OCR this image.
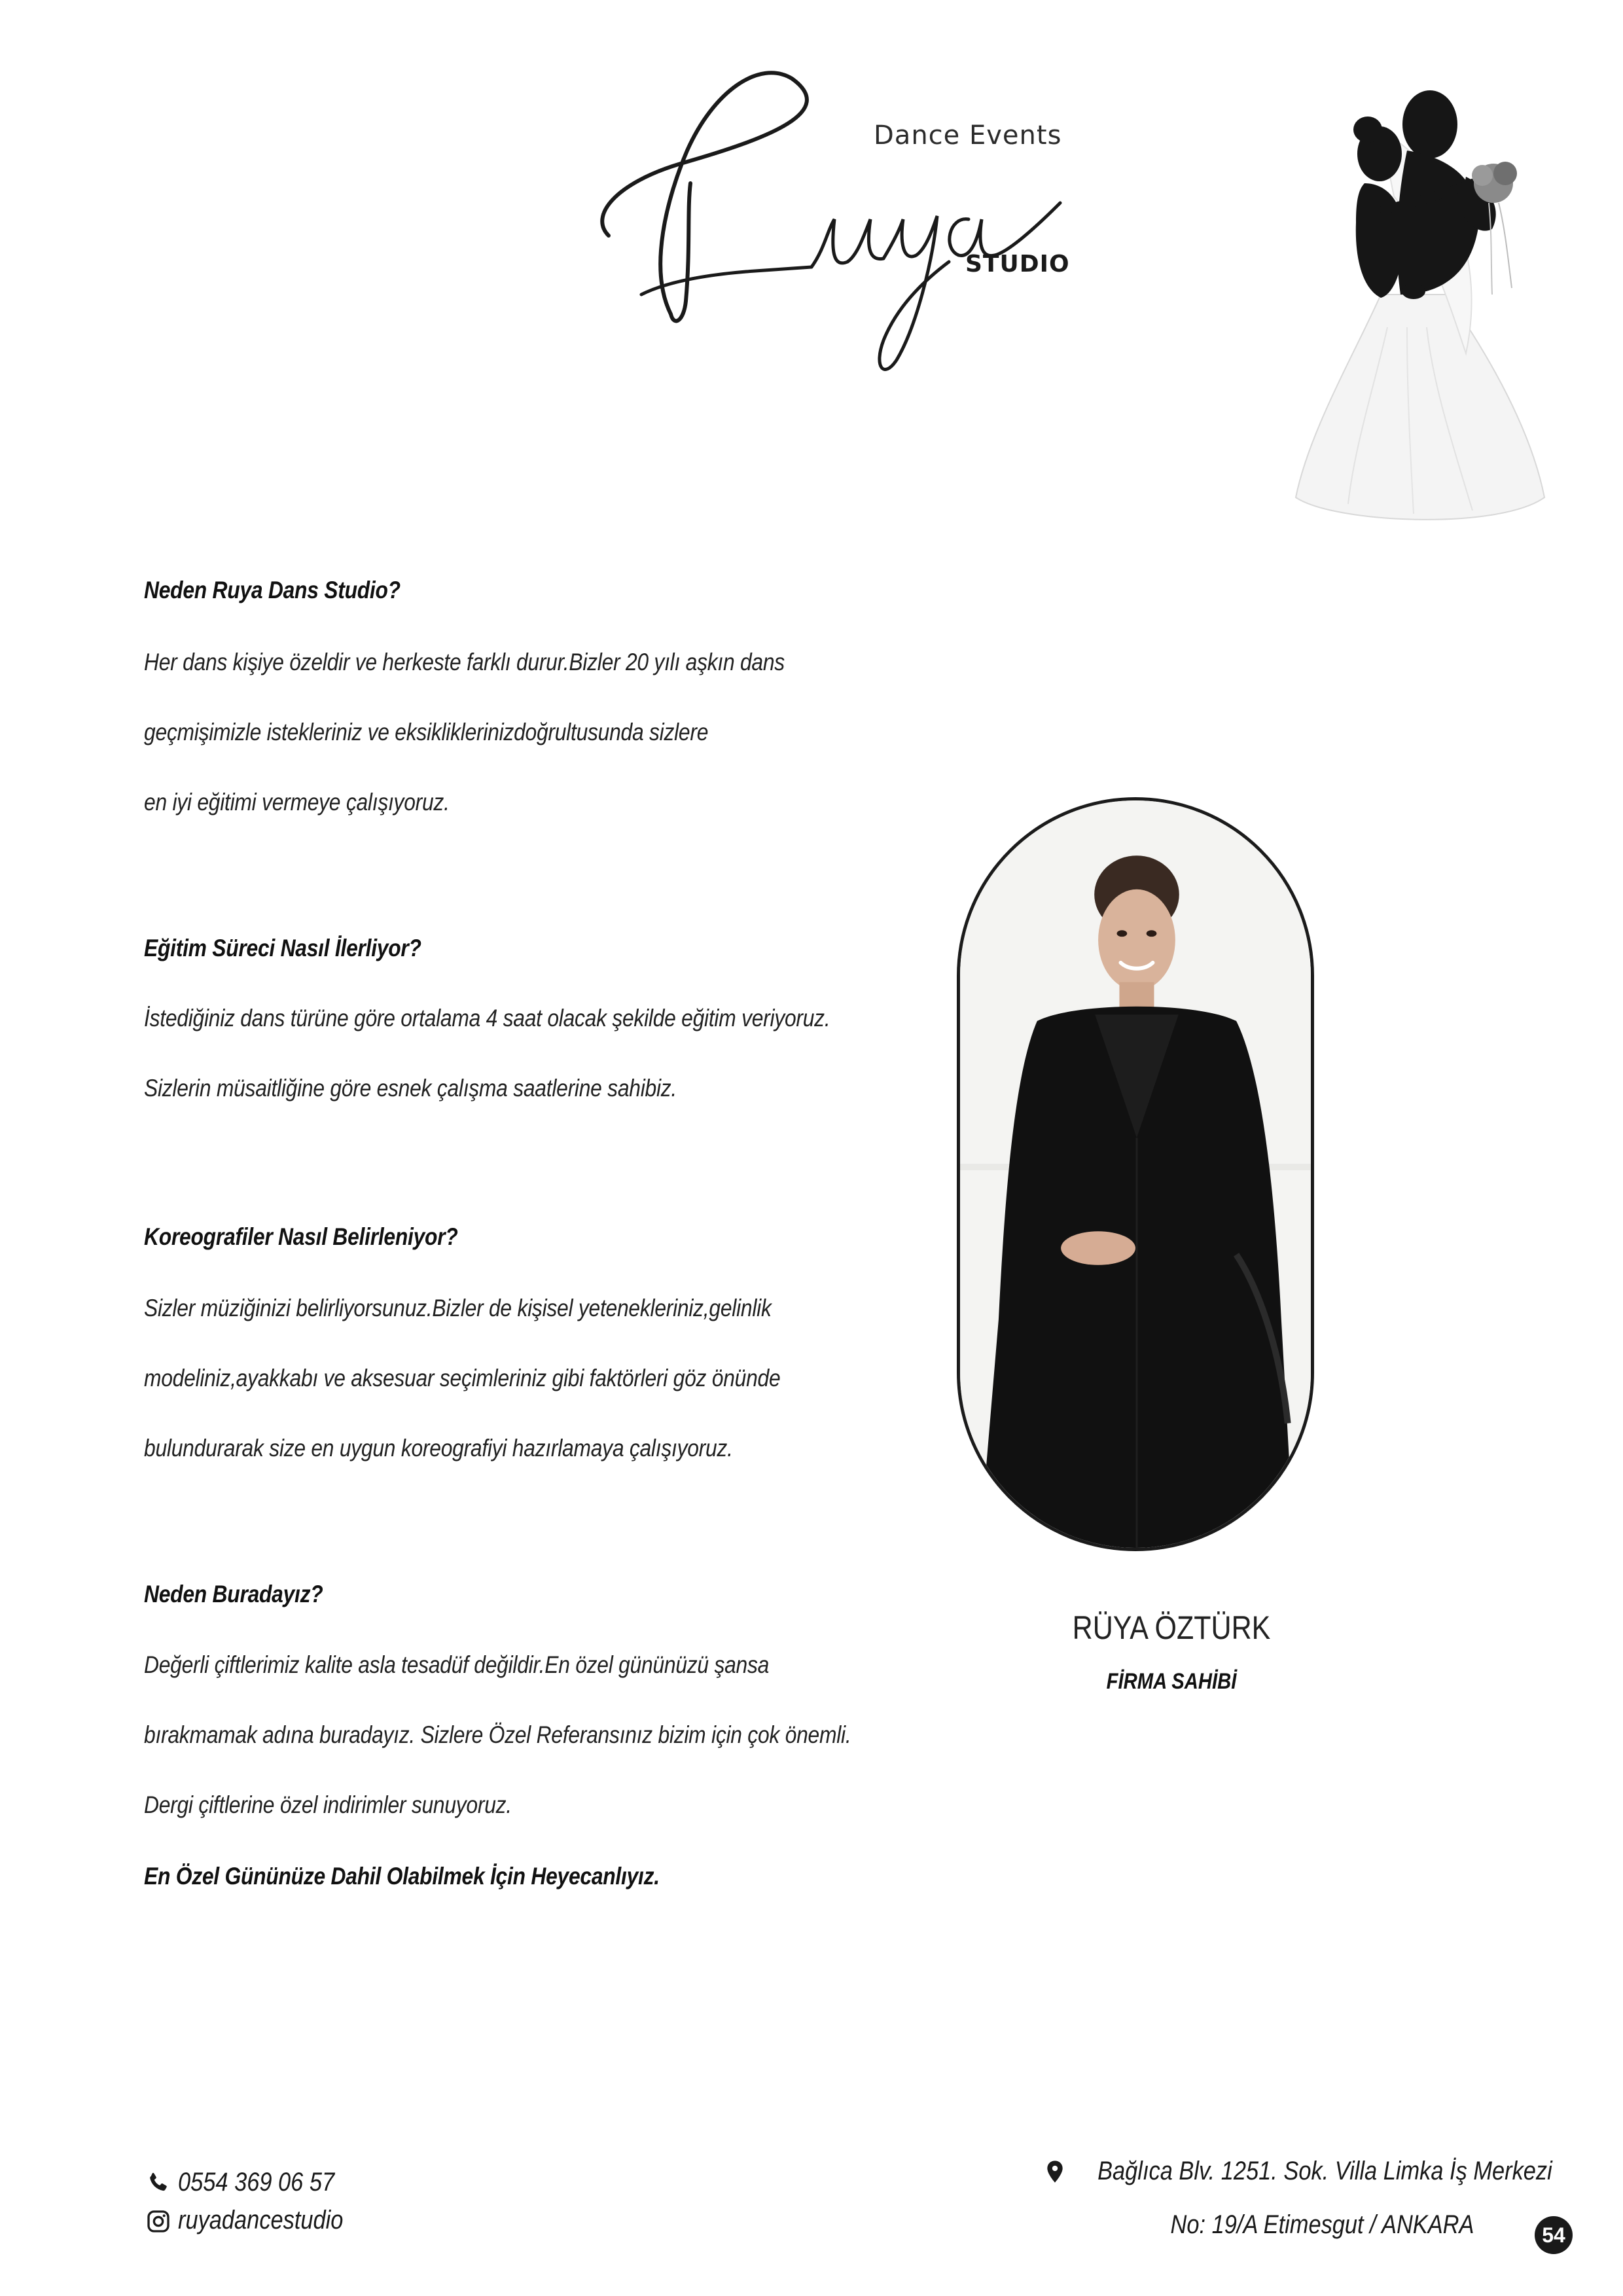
Dance Events
STUDIO

Neden Ruya Dans Studio?

Her dans kişiye özeldir ve herkeste farklı durur.Bizler 20 yılı aşkın dans

geçmişimizle istekleriniz ve eksikliklerinizdoğrultusunda sizlere

en iyi eğitimi vermeye çalışıyoruz.

Eğitim Süreci Nasıl İlerliyor?

İstediğiniz dans türüne göre ortalama 4 saat olacak şekilde eğitim veriyoruz.

Sizlerin müsaitliğine göre esnek çalışma saatlerine sahibiz.

Koreografiler Nasıl Belirleniyor?

Sizler müziğinizi belirliyorsunuz.Bizler de kişisel yetenekleriniz,gelinlik

modeliniz,ayakkabı ve aksesuar seçimleriniz gibi faktörleri göz önünde

bulundurarak size en uygun koreografiyi hazırlamaya çalışıyoruz.

Neden Buradayız?

Değerli çiftlerimiz kalite asla tesadüf değildir.En özel gününüzü şansa

bırakmamak adına buradayız. Sizlere Özel Referansınız bizim için çok önemli.

Dergi çiftlerine özel indirimler sunuyoruz.

En Özel Gününüze Dahil Olabilmek İçin Heyecanlıyız.

RÜYA ÖZTÜRK

FİRMA SAHİBİ

0554 369 06 57

ruyadancestudio

Bağlıca Blv. 1251. Sok. Villa Limka İş Merkezi

No: 19/A Etimesgut / ANKARA	54
